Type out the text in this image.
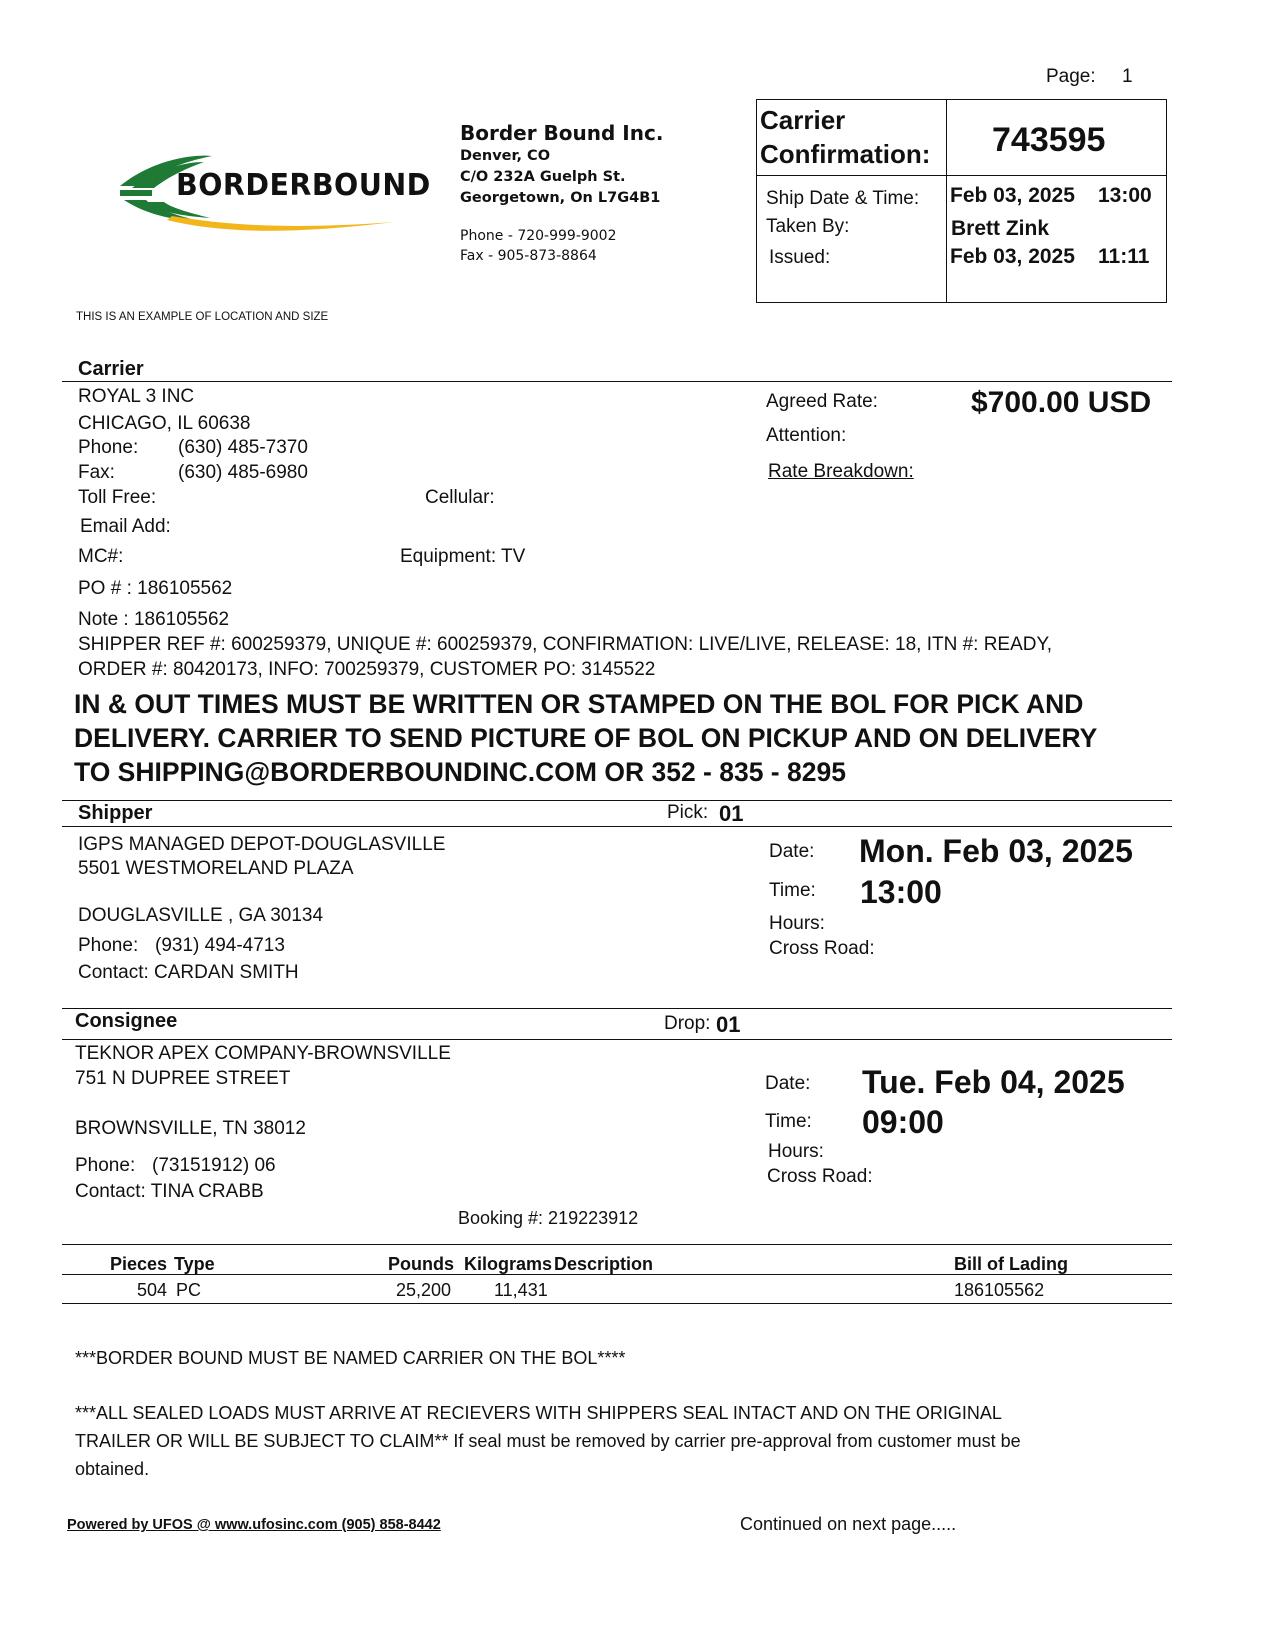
Page: 1
BORDERBOUND
Border Bound Inc.
Denver, CO
C/O 232A Guelph St.
Georgetown, On L7G4B1
Phone - 720-999-9002
Fax - 905-873-8864
Carrier
Confirmation: 743595
Ship Date & Time: Feb 03, 2025 13:00
Taken By:	Brett Zink
Issued:	Feb 03, 2025 11:11
THIS IS AN EXAMPLE OF LOCATION AND SIZE
Carrier
ROYAL 3 INC
CHICAGO, IL 60638
Phone: (630) 485-7370
Fax:	(630) 485-6980
Toll Free:	Cellular:
Email Add:
MC#:	Equipment: TV
PO # : 186105562
Note : 186105562
SHIPPER REF #: 600259379, UNIQUE #: 600259379, CONFIRMATION: LIVE/LIVE, RELEASE: 18, ITN #: READY,
ORDER #: 80420173, INFO: 700259379, CUSTOMER PO: 3145522
Agreed Rate:	$700.00 USD
Attention:
Rate Breakdown:
IN & OUT TIMES MUST BE WRITTEN OR STAMPED ON THE BOL FOR PICK AND
DELIVERY. CARRIER TO SEND PICTURE OF BOL ON PICKUP AND ON DELIVERY
TO SHIPPING@BORDERBOUNDINC.COM OR 352 - 835 - 8295
Shipper	Pick: 01
IGPS MANAGED DEPOT-DOUGLASVILLE
5501 WESTMORELAND PLAZA
DOUGLASVILLE , GA 30134
Phone: (931) 494-4713
Contact: CARDAN SMITH
Date: Mon. Feb 03, 2025
Time: 13:00
Hours:
Cross Road:
Consignee	Drop: 01
TEKNOR APEX COMPANY-BROWNSVILLE
751 N DUPREE STREET
BROWNSVILLE, TN 38012
Phone: (73151912) 06
Contact: TINA CRABB
Date: Tue. Feb 04, 2025
Time: 09:00
Hours:
Cross Road:
Booking #: 219223912
Pieces Type	Pounds Kilograms Description	Bill of Lading
504 PC	25,200 11,431	186105562
***BORDER BOUND MUST BE NAMED CARRIER ON THE BOL****
***ALL SEALED LOADS MUST ARRIVE AT RECIEVERS WITH SHIPPERS SEAL INTACT AND ON THE ORIGINAL
TRAILER OR WILL BE SUBJECT TO CLAIM** If seal must be removed by carrier pre-approval from customer must be
obtained.
Powered by UFOS @ www.ufosinc.com (905) 858-8442	Continued on next page.....
